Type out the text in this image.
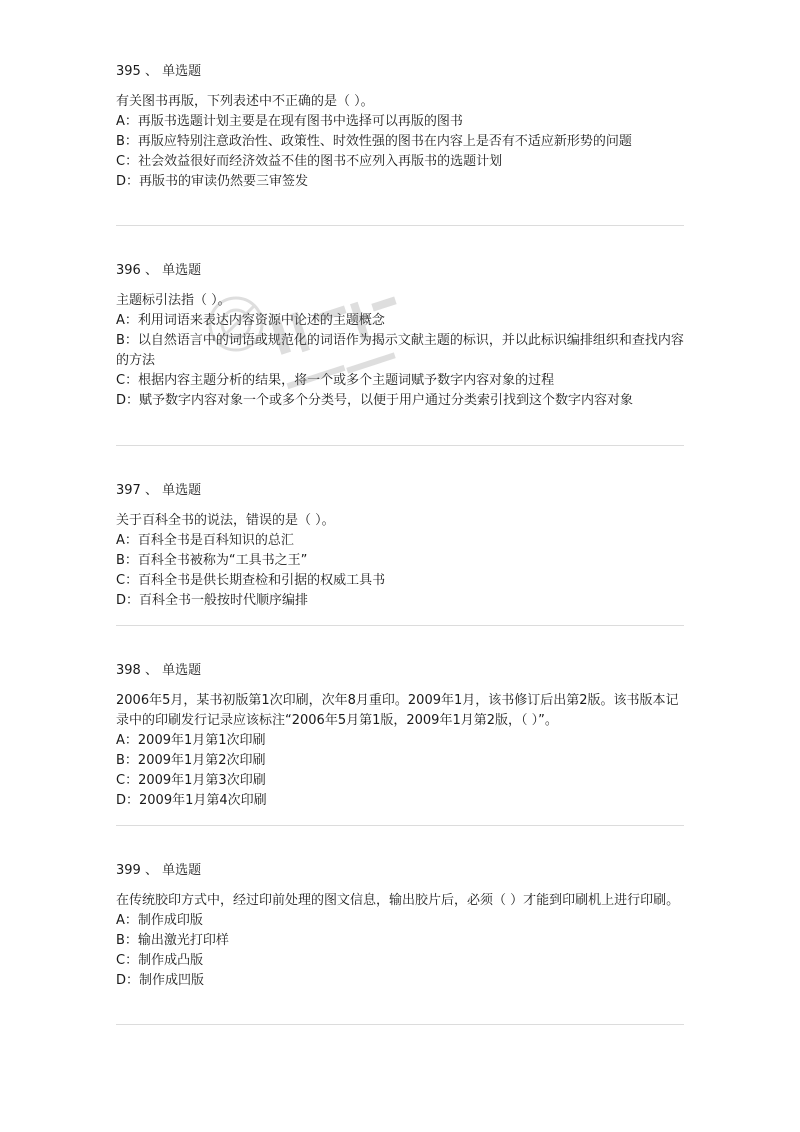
395 、 单选题
有关图书再版，下列表述中不正确的是（ ）。
A：再版书选题计划主要是在现有图书中选择可以再版的图书
B：再版应特别注意政治性、政策性、时效性强的图书在内容上是否有不适应新形势的问题
C：社会效益很好而经济效益不佳的图书不应列入再版书的选题计划
D：再版书的审读仍然要三审签发
396 、 单选题
主题标引法指（ ）。
A：利用词语来表达内容资源中论述的主题概念
B：以自然语言中的词语或规范化的词语作为揭示文献主题的标识，并以此标识编排组织和查找内容的方法
C：根据内容主题分析的结果，将一个或多个主题词赋予数字内容对象的过程
D：赋予数字内容对象一个或多个分类号，以便于用户通过分类索引找到这个数字内容对象
397 、 单选题
关于百科全书的说法，错误的是（ ）。
A：百科全书是百科知识的总汇
B：百科全书被称为“工具书之王”
C：百科全书是供长期查检和引据的权威工具书
D：百科全书一般按时代顺序编排
398 、 单选题
2006年5月，某书初版第1次印刷，次年8月重印。2009年1月，该书修订后出第2版。该书版本记录中的印刷发行记录应该标注“2006年5月第1版，2009年1月第2版，（ ）”。
A：2009年1月第1次印刷
B：2009年1月第2次印刷
C：2009年1月第3次印刷
D：2009年1月第4次印刷
399 、 单选题
在传统胶印方式中，经过印前处理的图文信息，输出胶片后，必须（ ）才能到印刷机上进行印刷。
A：制作成印版
B：输出激光打印样
C：制作成凸版
D：制作成凹版
